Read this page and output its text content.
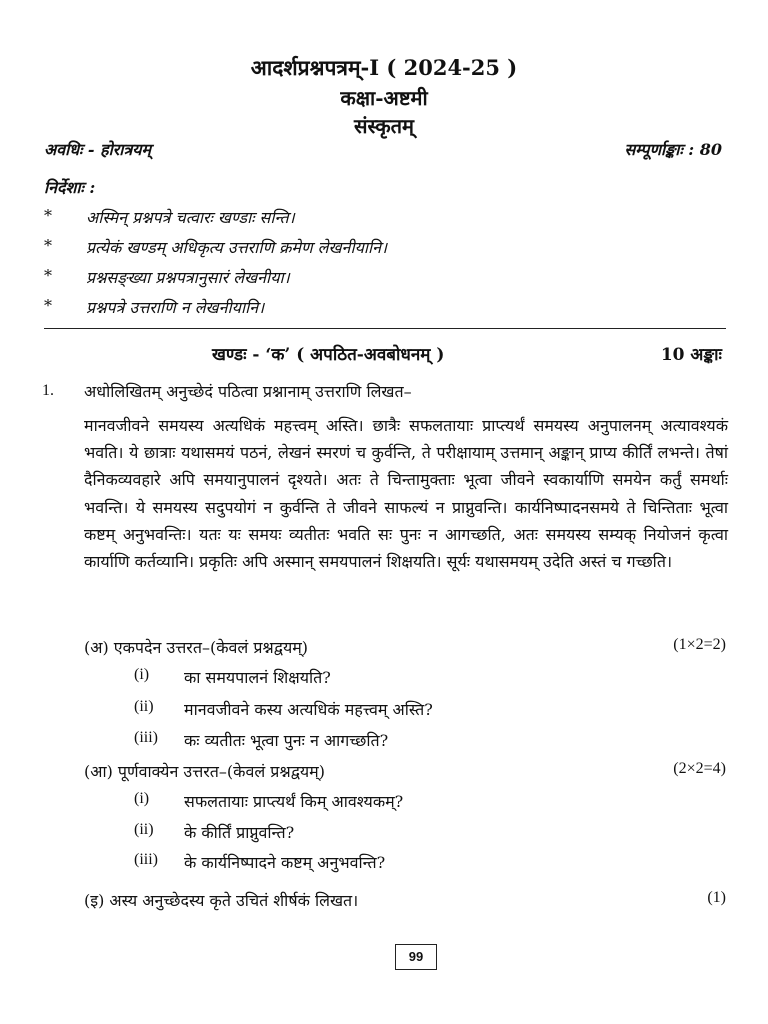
आदर्शप्रश्नपत्रम्-I ( 2024-25 )
कक्षा-अष्टमी
संस्कृतम्
अवधिः - होरात्रयम्	सम्पूर्णाङ्काः : 80
निर्देशाः :
*	अस्मिन् प्रश्नपत्रे चत्वारः खण्डाः सन्ति।
*	प्रत्येकं खण्डम् अधिकृत्य उत्तराणि क्रमेण लेखनीयानि।
*	प्रश्नसङ्ख्या प्रश्नपत्रानुसारं लेखनीया।
*	प्रश्नपत्रे उत्तराणि न लेखनीयानि।
खण्डः - ‘क’ ( अपठित-अवबोधनम् )	10 अङ्काः
1. अधोलिखितम् अनुच्छेदं पठित्वा प्रश्नानाम् उत्तराणि लिखत–
मानवजीवने समयस्य अत्यधिकं महत्त्वम् अस्ति। छात्रैः सफलतायाः प्राप्त्यर्थं समयस्य अनुपालनम् अत्यावश्यकं भवति। ये छात्राः यथासमयं पठनं, लेखनं स्मरणं च कुर्वन्ति, ते परीक्षायाम् उत्तमान् अङ्कान् प्राप्य कीर्तिं लभन्ते। तेषां दैनिकव्यवहारे अपि समयानुपालनं दृश्यते। अतः ते चिन्तामुक्ताः भूत्वा जीवने स्वकार्याणि समयेन कर्तुं समर्थाः भवन्ति। ये समयस्य सदुपयोगं न कुर्वन्ति ते जीवने साफल्यं न प्राप्नुवन्ति। कार्यनिष्पादनसमये ते चिन्तिताः भूत्वा कष्टम् अनुभवन्तिः। यतः यः समयः व्यतीतः भवति सः पुनः न आगच्छति, अतः समयस्य सम्यक् नियोजनं कृत्वा कार्याणि कर्तव्यानि। प्रकृतिः अपि अस्मान् समयपालनं शिक्षयति। सूर्यः यथासमयम् उदेति अस्तं च गच्छति।
(अ) एकपदेन उत्तरत–(केवलं प्रश्नद्वयम्)	(1×2=2)
(i)	का समयपालनं शिक्षयति?
(ii)	मानवजीवने कस्य अत्यधिकं महत्त्वम् अस्ति?
(iii)	कः व्यतीतः भूत्वा पुनः न आगच्छति?
(आ) पूर्णवाक्येन उत्तरत–(केवलं प्रश्नद्वयम्)	(2×2=4)
(i)	सफलतायाः प्राप्त्यर्थं किम् आवश्यकम्?
(ii)	के कीर्तिं प्राप्नुवन्ति?
(iii)	के कार्यनिष्पादने कष्टम् अनुभवन्ति?
(इ) अस्य अनुच्छेदस्य कृते उचितं शीर्षकं लिखत।	(1)
99
